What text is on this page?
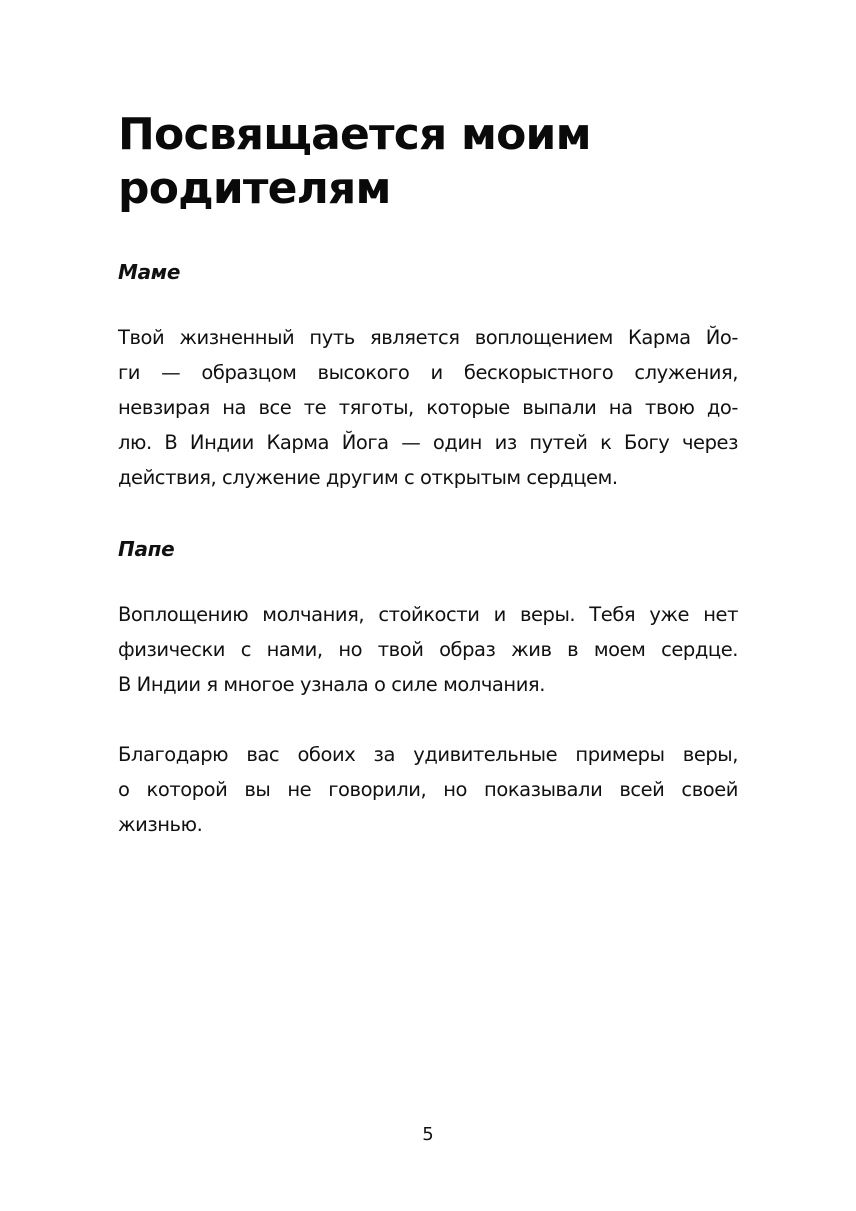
Посвящается моим
родителям
Маме

Твой жизненный путь является воплощением Карма Йо-
ги — образцом высокого и бескорыстного служения,
невзирая на все те тяготы, которые выпали на твою до-
лю. В Индии Карма Йога — один из путей к Богу через
действия, служение другим с открытым сердцем.

Папе

Воплощению молчания, стойкости и веры. Тебя уже нет
физически с нами, но твой образ жив в моем сердце.
В Индии я многое узнала о силе молчания.

Благодарю вас обоих за удивительные примеры веры,
о которой вы не говорили, но показывали всей своей
жизнью.

5
